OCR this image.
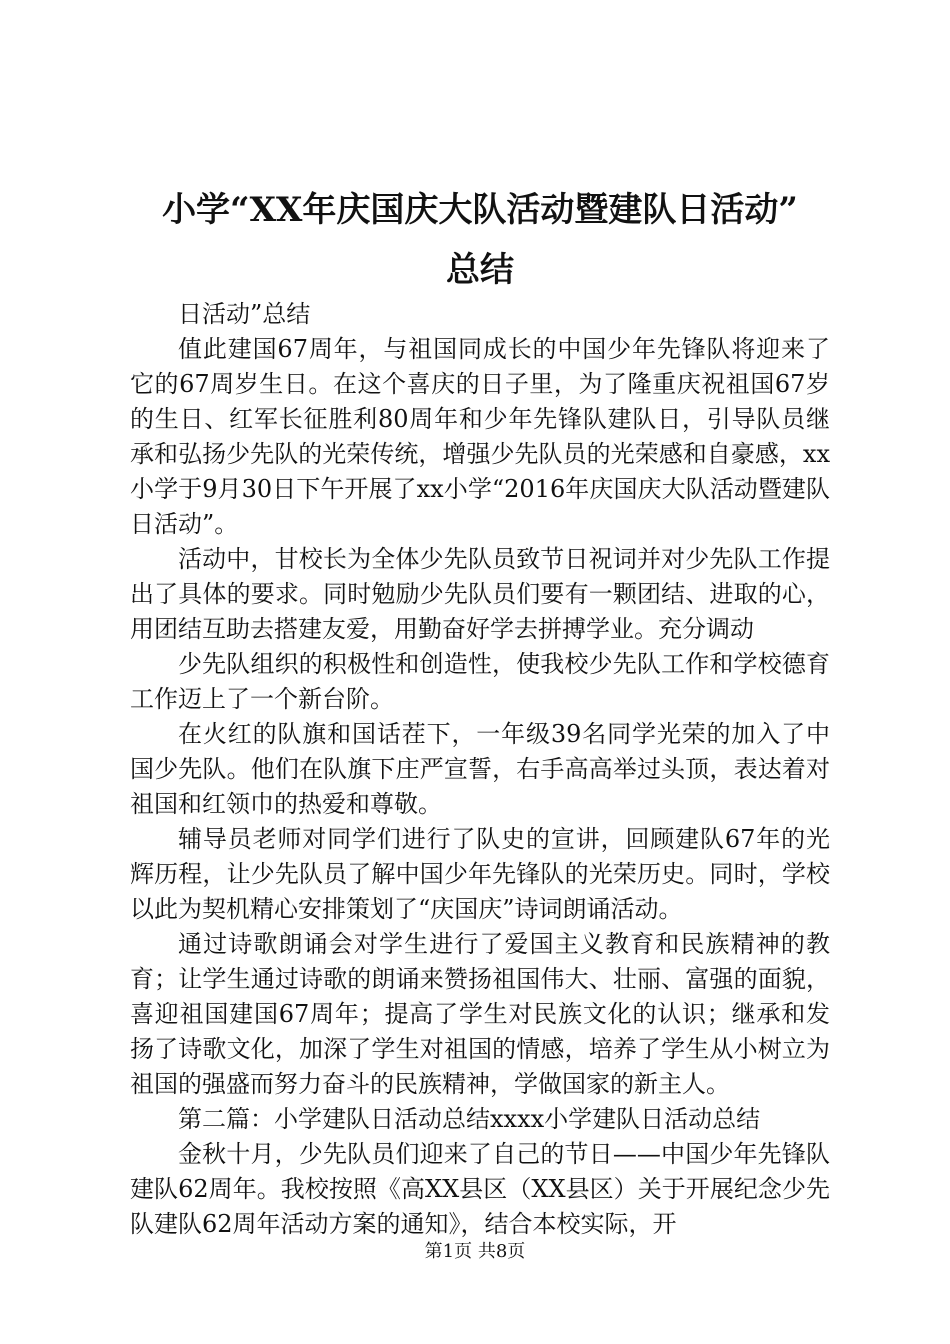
小学“XX年庆国庆大队活动暨建队日活动”
总结

日活动”总结

值此建国67周年，与祖国同成长的中国少年先锋队将迎来了它的67周岁生日。在这个喜庆的日子里，为了隆重庆祝祖国67岁的生日、红军长征胜利80周年和少年先锋队建队日，引导队员继承和弘扬少先队的光荣传统，增强少先队员的光荣感和自豪感，xx小学于9月30日下午开展了xx小学“2016年庆国庆大队活动暨建队日活动”。

活动中，甘校长为全体少先队员致节日祝词并对少先队工作提出了具体的要求。同时勉励少先队员们要有一颗团结、进取的心，用团结互助去搭建友爱，用勤奋好学去拼搏学业。充分调动

少先队组织的积极性和创造性，使我校少先队工作和学校德育工作迈上了一个新台阶。

在火红的队旗和国话茬下，一年级39名同学光荣的加入了中国少先队。他们在队旗下庄严宣誓，右手高高举过头顶，表达着对祖国和红领巾的热爱和尊敬。

辅导员老师对同学们进行了队史的宣讲，回顾建队67年的光辉历程，让少先队员了解中国少年先锋队的光荣历史。同时，学校以此为契机精心安排策划了“庆国庆”诗词朗诵活动。

通过诗歌朗诵会对学生进行了爱国主义教育和民族精神的教育；让学生通过诗歌的朗诵来赞扬祖国伟大、壮丽、富强的面貌，喜迎祖国建国67周年；提高了学生对民族文化的认识；继承和发扬了诗歌文化，加深了学生对祖国的情感，培养了学生从小树立为祖国的强盛而努力奋斗的民族精神，学做国家的新主人。

第二篇：小学建队日活动总结xxxx小学建队日活动总结

金秋十月，少先队员们迎来了自己的节日——中国少年先锋队建队62周年。我校按照《高XX县区（XX县区）关于开展纪念少先队建队62周年活动方案的通知》，结合本校实际，开

第1页 共8页
